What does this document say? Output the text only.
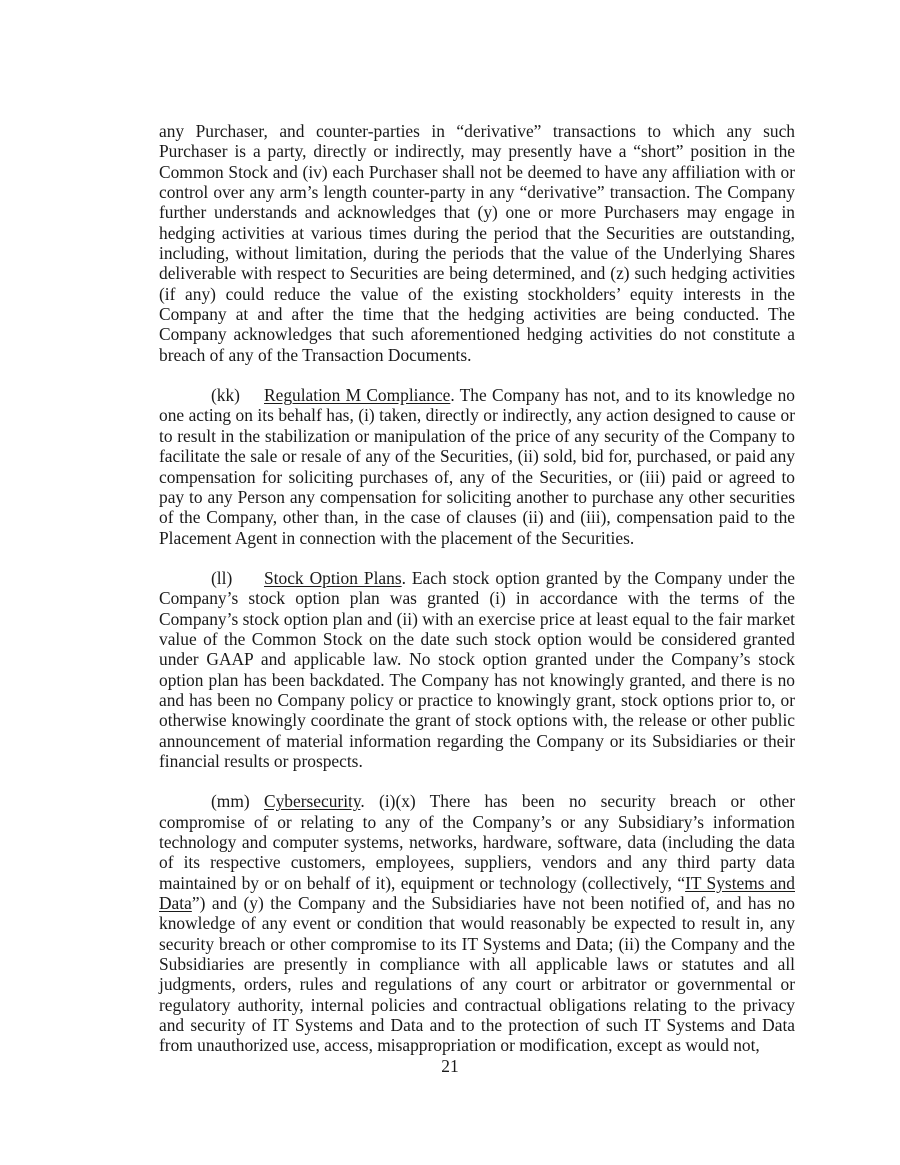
any Purchaser, and counter-parties in “derivative” transactions to which any such Purchaser is a party, directly or indirectly, may presently have a “short” position in the Common Stock and (iv) each Purchaser shall not be deemed to have any affiliation with or control over any arm’s length counter-party in any “derivative” transaction. The Company further understands and acknowledges that (y) one or more Purchasers may engage in hedging activities at various times during the period that the Securities are outstanding, including, without limitation, during the periods that the value of the Underlying Shares deliverable with respect to Securities are being determined, and (z) such hedging activities (if any) could reduce the value of the existing stockholders’ equity interests in the Company at and after the time that the hedging activities are being conducted. The Company acknowledges that such aforementioned hedging activities do not constitute a breach of any of the Transaction Documents.

(kk) Regulation M Compliance. The Company has not, and to its knowledge no one acting on its behalf has, (i) taken, directly or indirectly, any action designed to cause or to result in the stabilization or manipulation of the price of any security of the Company to facilitate the sale or resale of any of the Securities, (ii) sold, bid for, purchased, or paid any compensation for soliciting purchases of, any of the Securities, or (iii) paid or agreed to pay to any Person any compensation for soliciting another to purchase any other securities of the Company, other than, in the case of clauses (ii) and (iii), compensation paid to the Placement Agent in connection with the placement of the Securities.

(ll) Stock Option Plans. Each stock option granted by the Company under the Company’s stock option plan was granted (i) in accordance with the terms of the Company’s stock option plan and (ii) with an exercise price at least equal to the fair market value of the Common Stock on the date such stock option would be considered granted under GAAP and applicable law. No stock option granted under the Company’s stock option plan has been backdated. The Company has not knowingly granted, and there is no and has been no Company policy or practice to knowingly grant, stock options prior to, or otherwise knowingly coordinate the grant of stock options with, the release or other public announcement of material information regarding the Company or its Subsidiaries or their financial results or prospects.

(mm) Cybersecurity. (i)(x) There has been no security breach or other compromise of or relating to any of the Company’s or any Subsidiary’s information technology and computer systems, networks, hardware, software, data (including the data of its respective customers, employees, suppliers, vendors and any third party data maintained by or on behalf of it), equipment or technology (collectively, “IT Systems and Data”) and (y) the Company and the Subsidiaries have not been notified of, and has no knowledge of any event or condition that would reasonably be expected to result in, any security breach or other compromise to its IT Systems and Data; (ii) the Company and the Subsidiaries are presently in compliance with all applicable laws or statutes and all judgments, orders, rules and regulations of any court or arbitrator or governmental or regulatory authority, internal policies and contractual obligations relating to the privacy and security of IT Systems and Data and to the protection of such IT Systems and Data from unauthorized use, access, misappropriation or modification, except as would not,

21
